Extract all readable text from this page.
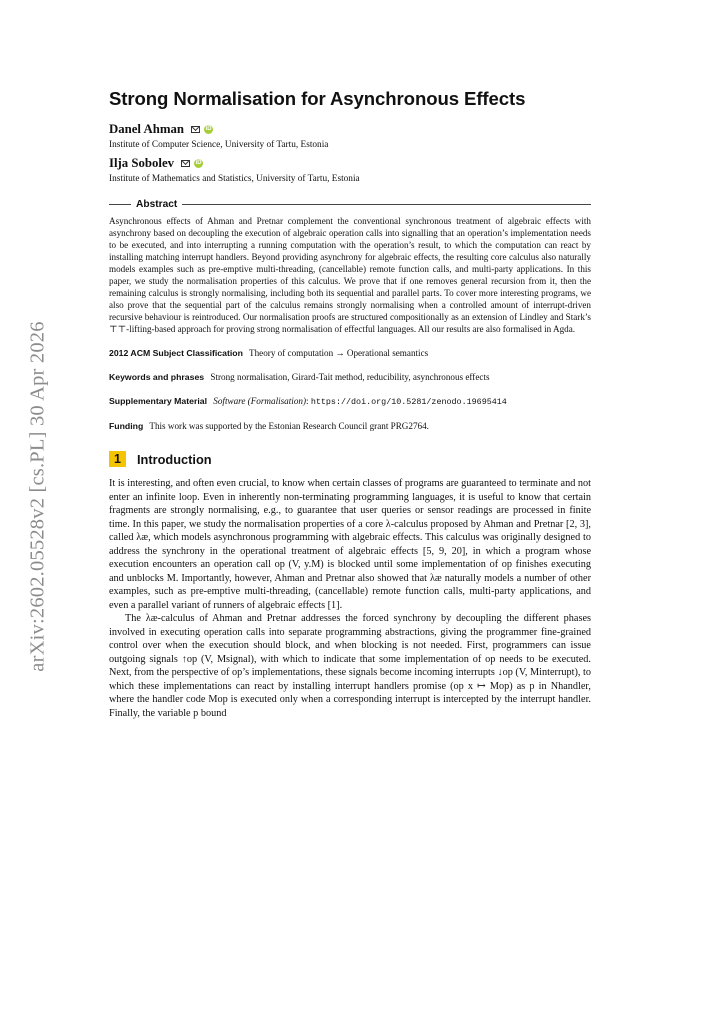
arXiv:2602.05528v2 [cs.PL] 30 Apr 2026
Strong Normalisation for Asynchronous Effects
Danel Ahman	iD
Institute of Computer Science, University of Tartu, Estonia
Ilja Sobolev	iD
Institute of Mathematics and Statistics, University of Tartu, Estonia
Abstract
Asynchronous effects of Ahman and Pretnar complement the conventional synchronous treatment of algebraic effects with asynchrony based on decoupling the execution of algebraic operation calls into signalling that an operation’s implementation needs to be executed, and into interrupting a running computation with the operation’s result, to which the computation can react by installing matching interrupt handlers. Beyond providing asynchrony for algebraic effects, the resulting core calculus also naturally models examples such as pre-emptive multi-threading, (cancellable) remote function calls, and multi-party applications. In this paper, we study the normalisation properties of this calculus. We prove that if one removes general recursion from it, then the remaining calculus is strongly normalising, including both its sequential and parallel parts. To cover more interesting programs, we also prove that the sequential part of the calculus remains strongly normalising when a controlled amount of interrupt-driven recursive behaviour is reintroduced. Our normalisation proofs are structured compositionally as an extension of Lindley and Stark’s ⊤⊤-lifting-based approach for proving strong normalisation of effectful languages. All our results are also formalised in Agda.
2012 ACM Subject Classification Theory of computation → Operational semantics
Keywords and phrases Strong normalisation, Girard-Tait method, reducibility, asynchronous effects
Supplementary Material Software (Formalisation): https://doi.org/10.5281/zenodo.19695414
Funding This work was supported by the Estonian Research Council grant PRG2764.
1	Introduction

It is interesting, and often even crucial, to know when certain classes of programs are guaranteed to terminate and not enter an infinite loop. Even in inherently non-terminating programming languages, it is useful to know that certain fragments are strongly normalising, e.g., to guarantee that user queries or sensor readings are processed in finite time. In this paper, we study the normalisation properties of a core λ-calculus proposed by Ahman and Pretnar [2, 3], called λæ, which models asynchronous programming with algebraic effects. This calculus was originally designed to address the synchrony in the operational treatment of algebraic effects [5, 9, 20], in which a program whose execution encounters an operation call op (V, y.M) is blocked until some implementation of op finishes executing and unblocks M. Importantly, however, Ahman and Pretnar also showed that λæ naturally models a number of other examples, such as pre-emptive multi-threading, (cancellable) remote function calls, multi-party applications, and even a parallel variant of runners of algebraic effects [1].

The λæ-calculus of Ahman and Pretnar addresses the forced synchrony by decoupling the different phases involved in executing operation calls into separate programming abstractions, giving the programmer fine-grained control over when the execution should block, and when blocking is not needed. First, programmers can issue outgoing signals ↑op (V, Msignal), with which to indicate that some implementation of op needs to be executed. Next, from the perspective of op’s implementations, these signals become incoming interrupts ↓op (V, Minterrupt), to which these implementations can react by installing interrupt handlers promise (op x ↦ Mop) as p in Nhandler, where the handler code Mop is executed only when a corresponding interrupt is intercepted by the interrupt handler. Finally, the variable p bound
